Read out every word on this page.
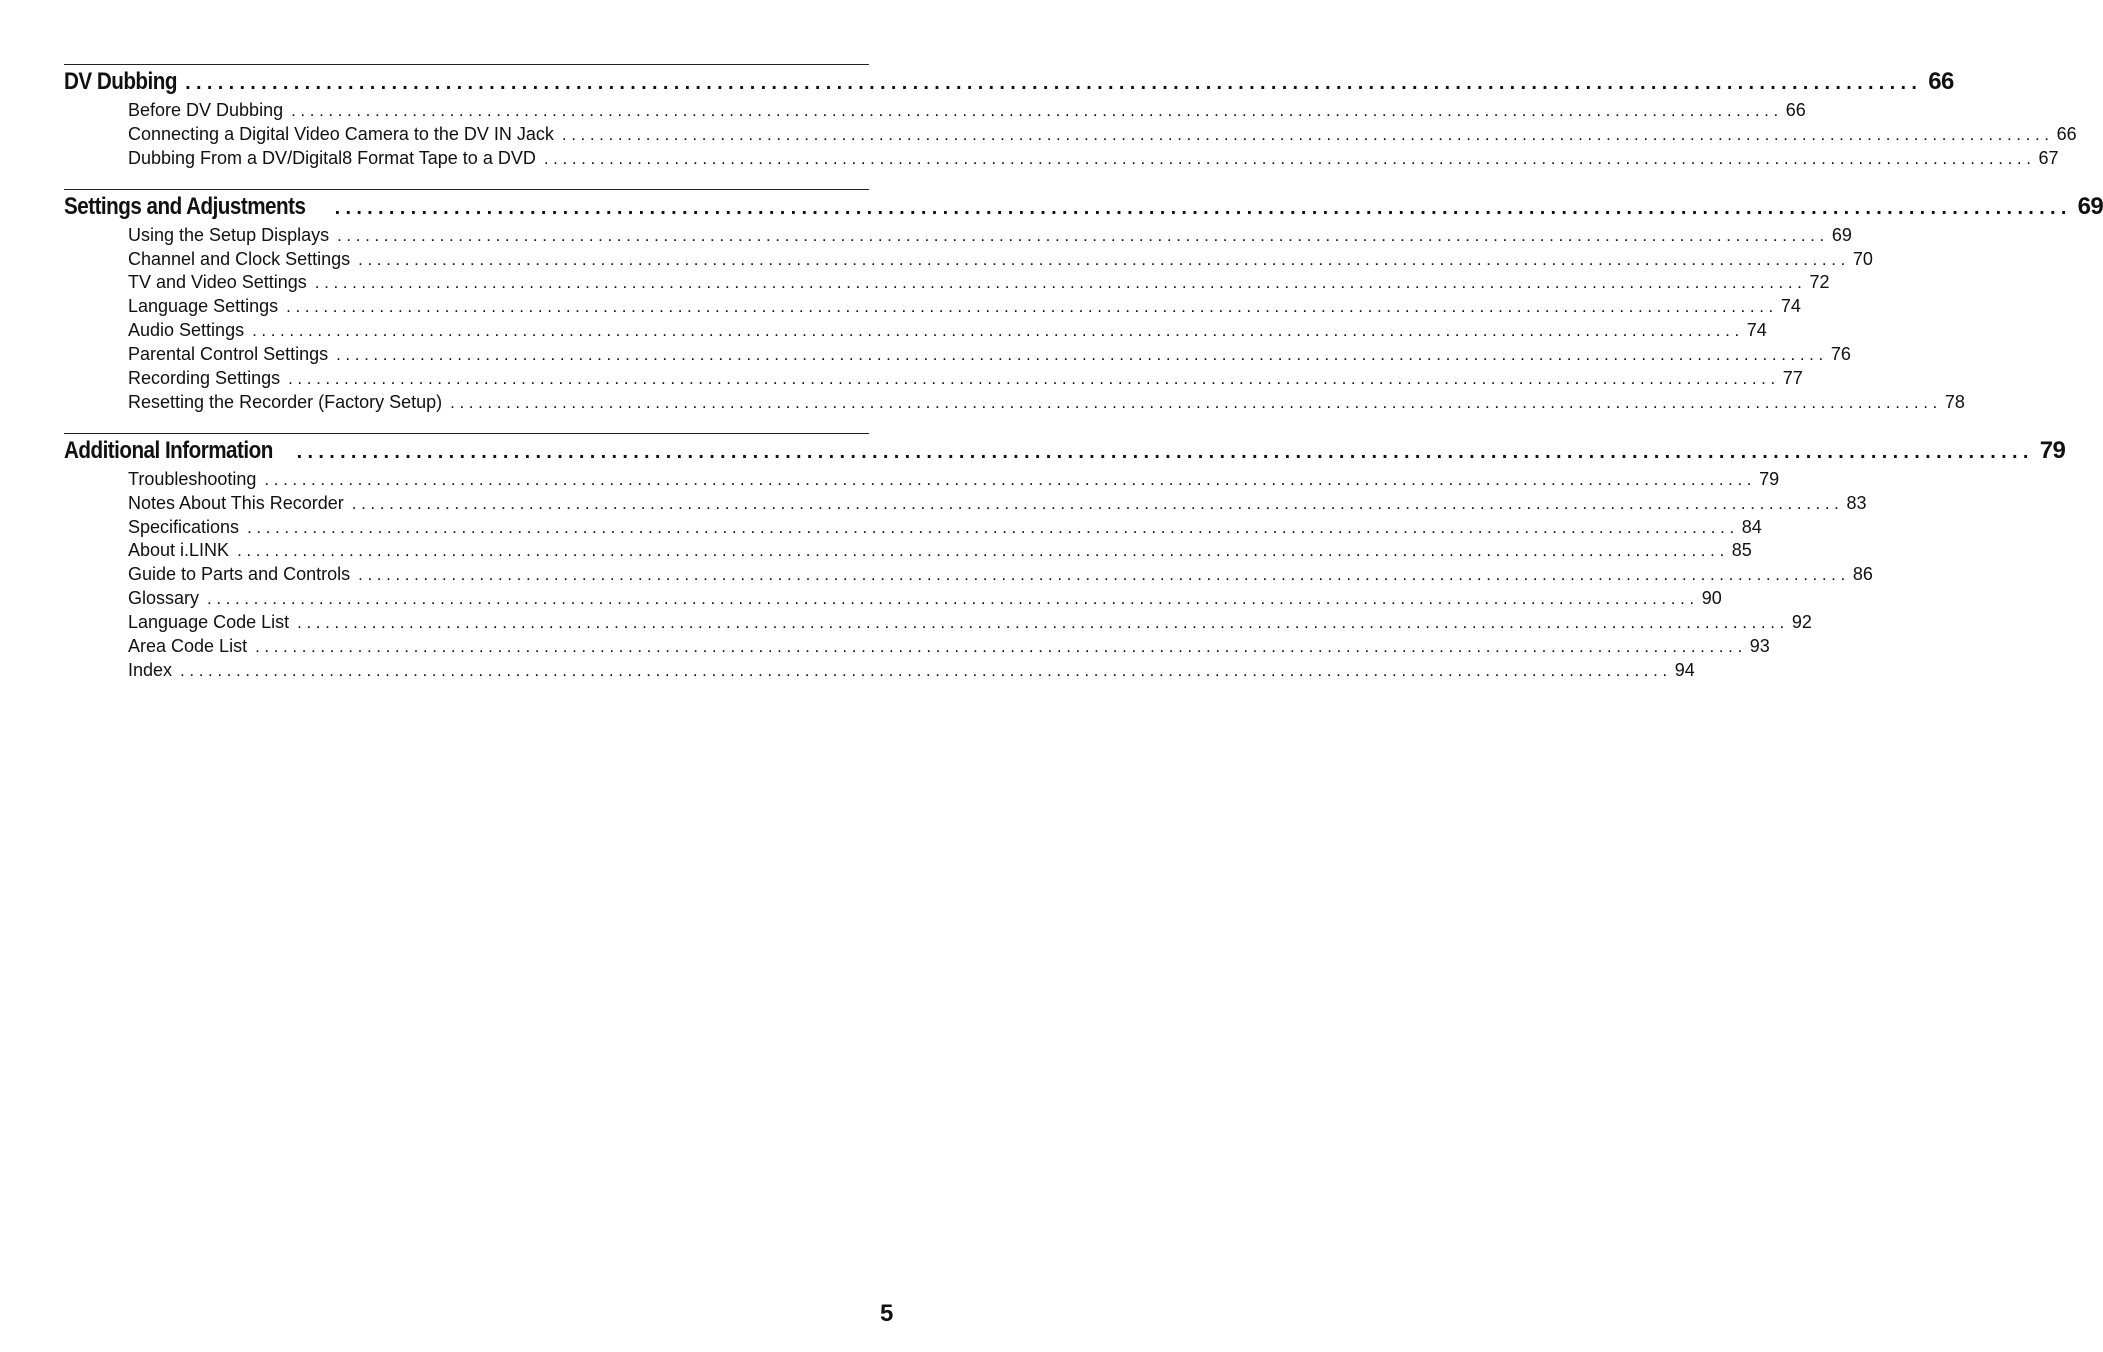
DV Dubbing ................................................................................................................................................................ 66
Before DV Dubbing ................................................................................................................................................................ 66
Connecting a Digital Video Camera to the DV IN Jack ................................................................................................................................................................ 66
Dubbing From a DV/Digital8 Format Tape to a DVD ................................................................................................................................................................ 67
Settings and Adjustments	................................................................................................................................................................ 69
Using the Setup Displays ................................................................................................................................................................ 69
Channel and Clock Settings ................................................................................................................................................................ 70
TV and Video Settings ................................................................................................................................................................ 72
Language Settings ................................................................................................................................................................ 74
Audio Settings ................................................................................................................................................................ 74
Parental Control Settings ................................................................................................................................................................ 76
Recording Settings ................................................................................................................................................................ 77
Resetting the Recorder (Factory Setup) ................................................................................................................................................................ 78
Additional Information	................................................................................................................................................................ 79
Troubleshooting ................................................................................................................................................................ 79
Notes About This Recorder ................................................................................................................................................................ 83
Specifications ................................................................................................................................................................ 84
About i.LINK ................................................................................................................................................................ 85
Guide to Parts and Controls ................................................................................................................................................................ 86
Glossary ................................................................................................................................................................ 90
Language Code List ................................................................................................................................................................ 92
Area Code List ................................................................................................................................................................ 93
Index ................................................................................................................................................................ 94
5
